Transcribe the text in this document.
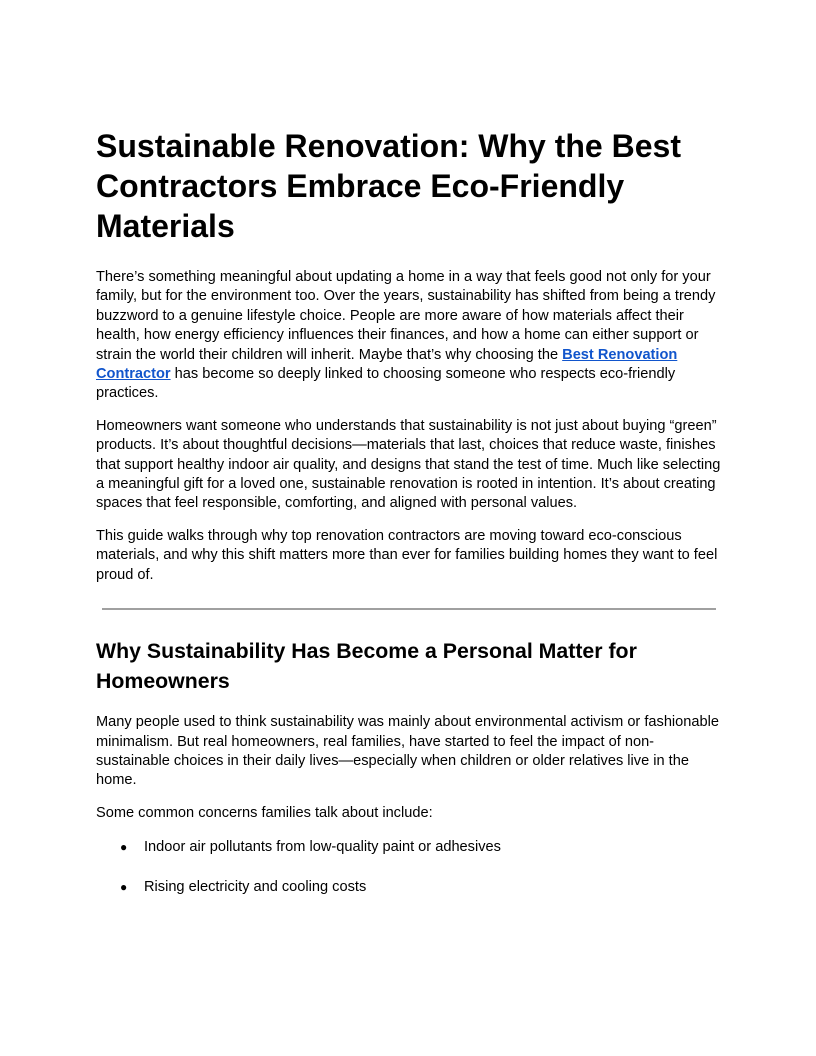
Sustainable Renovation: Why the Best Contractors Embrace Eco-Friendly Materials

There’s something meaningful about updating a home in a way that feels good not only for your family, but for the environment too. Over the years, sustainability has shifted from being a trendy buzzword to a genuine lifestyle choice. People are more aware of how materials affect their health, how energy efficiency influences their finances, and how a home can either support or strain the world their children will inherit. Maybe that’s why choosing the Best Renovation Contractor has become so deeply linked to choosing someone who respects eco-friendly practices.

Homeowners want someone who understands that sustainability is not just about buying “green” products. It’s about thoughtful decisions—materials that last, choices that reduce waste, finishes that support healthy indoor air quality, and designs that stand the test of time. Much like selecting a meaningful gift for a loved one, sustainable renovation is rooted in intention. It’s about creating spaces that feel responsible, comforting, and aligned with personal values.

This guide walks through why top renovation contractors are moving toward eco-conscious materials, and why this shift matters more than ever for families building homes they want to feel proud of.

Why Sustainability Has Become a Personal Matter for Homeowners

Many people used to think sustainability was mainly about environmental activism or fashionable minimalism. But real homeowners, real families, have started to feel the impact of non-sustainable choices in their daily lives—especially when children or older relatives live in the home.

Some common concerns families talk about include:

● Indoor air pollutants from low-quality paint or adhesives
● Rising electricity and cooling costs
